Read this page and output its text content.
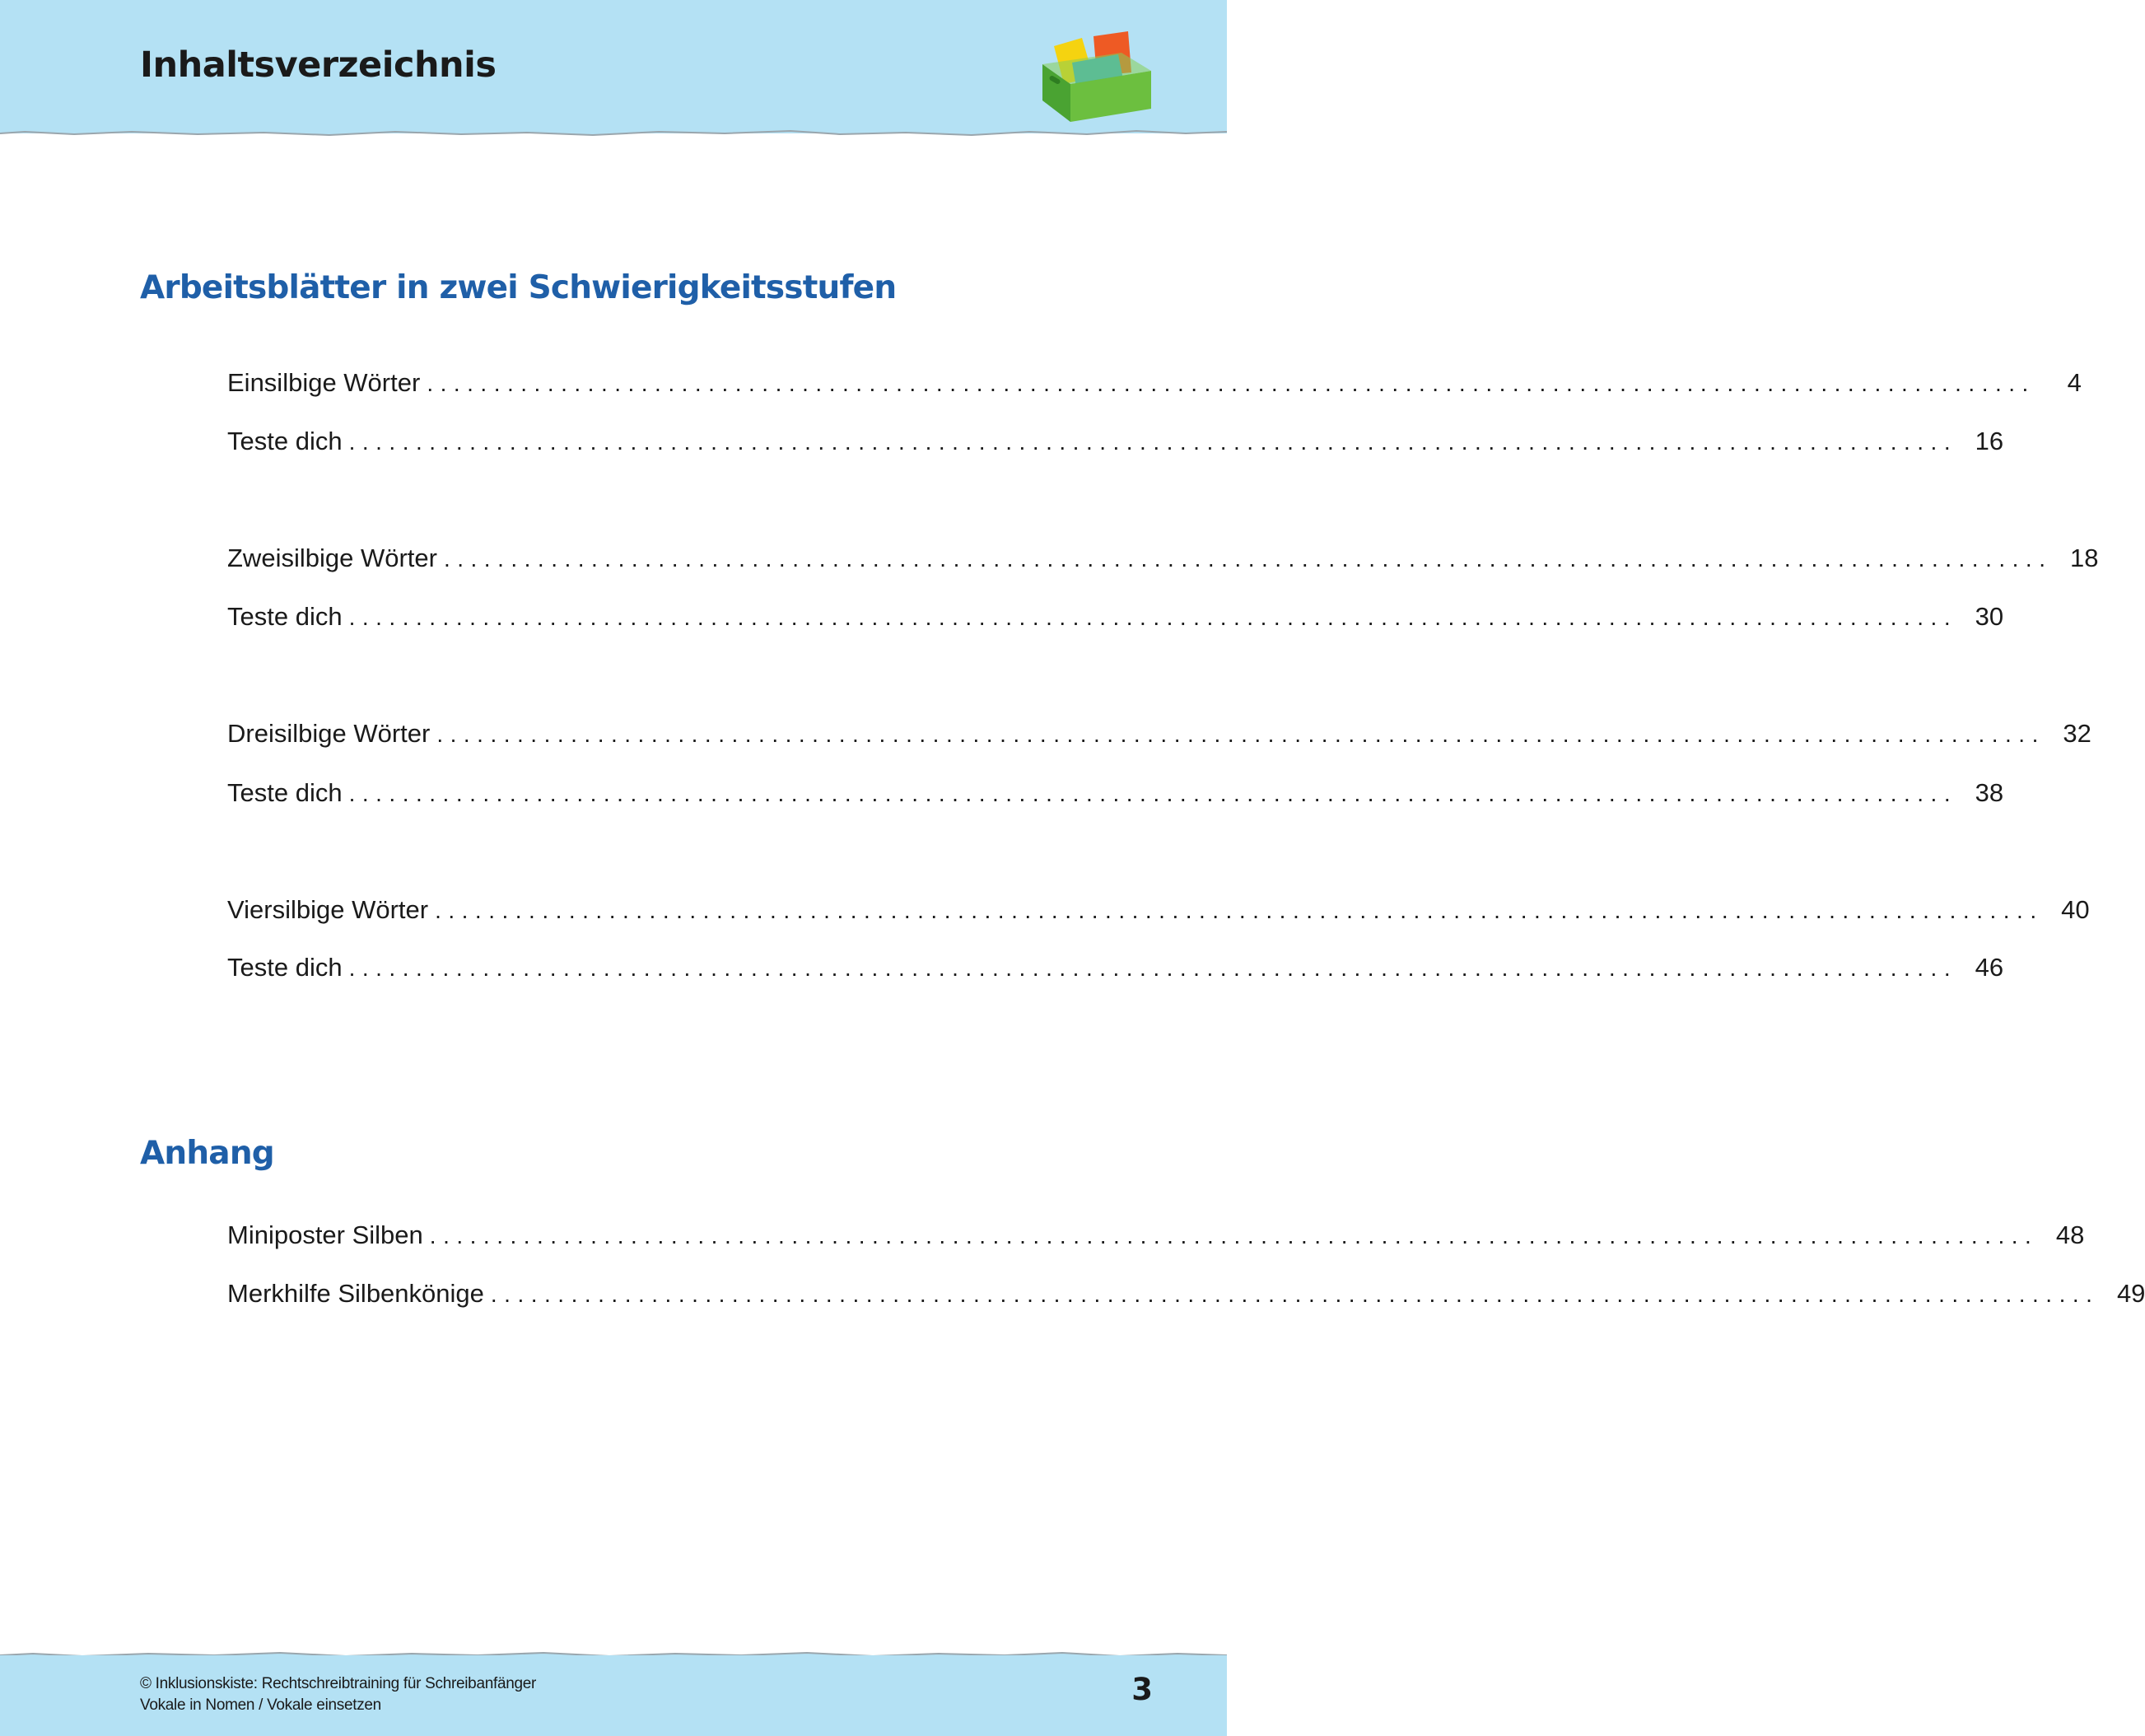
Inhaltsverzeichnis
Arbeitsblätter in zwei Schwierigkeitsstufen
Einsilbige Wörter ........................................................................................................................	4
Teste dich ........................................................................................................................ 16
Zweisilbige Wörter ........................................................................................................................ 18
Teste dich ........................................................................................................................ 30
Dreisilbige Wörter ........................................................................................................................ 32
Teste dich ........................................................................................................................ 38
Viersilbige Wörter ........................................................................................................................ 40
Teste dich ........................................................................................................................ 46
Anhang
Miniposter Silben ........................................................................................................................ 48
Merkhilfe Silbenkönige ........................................................................................................................ 49
© Inklusionskiste: Rechtschreibtraining für Schreibanfänger
Vokale in Nomen / Vokale einsetzen	3
